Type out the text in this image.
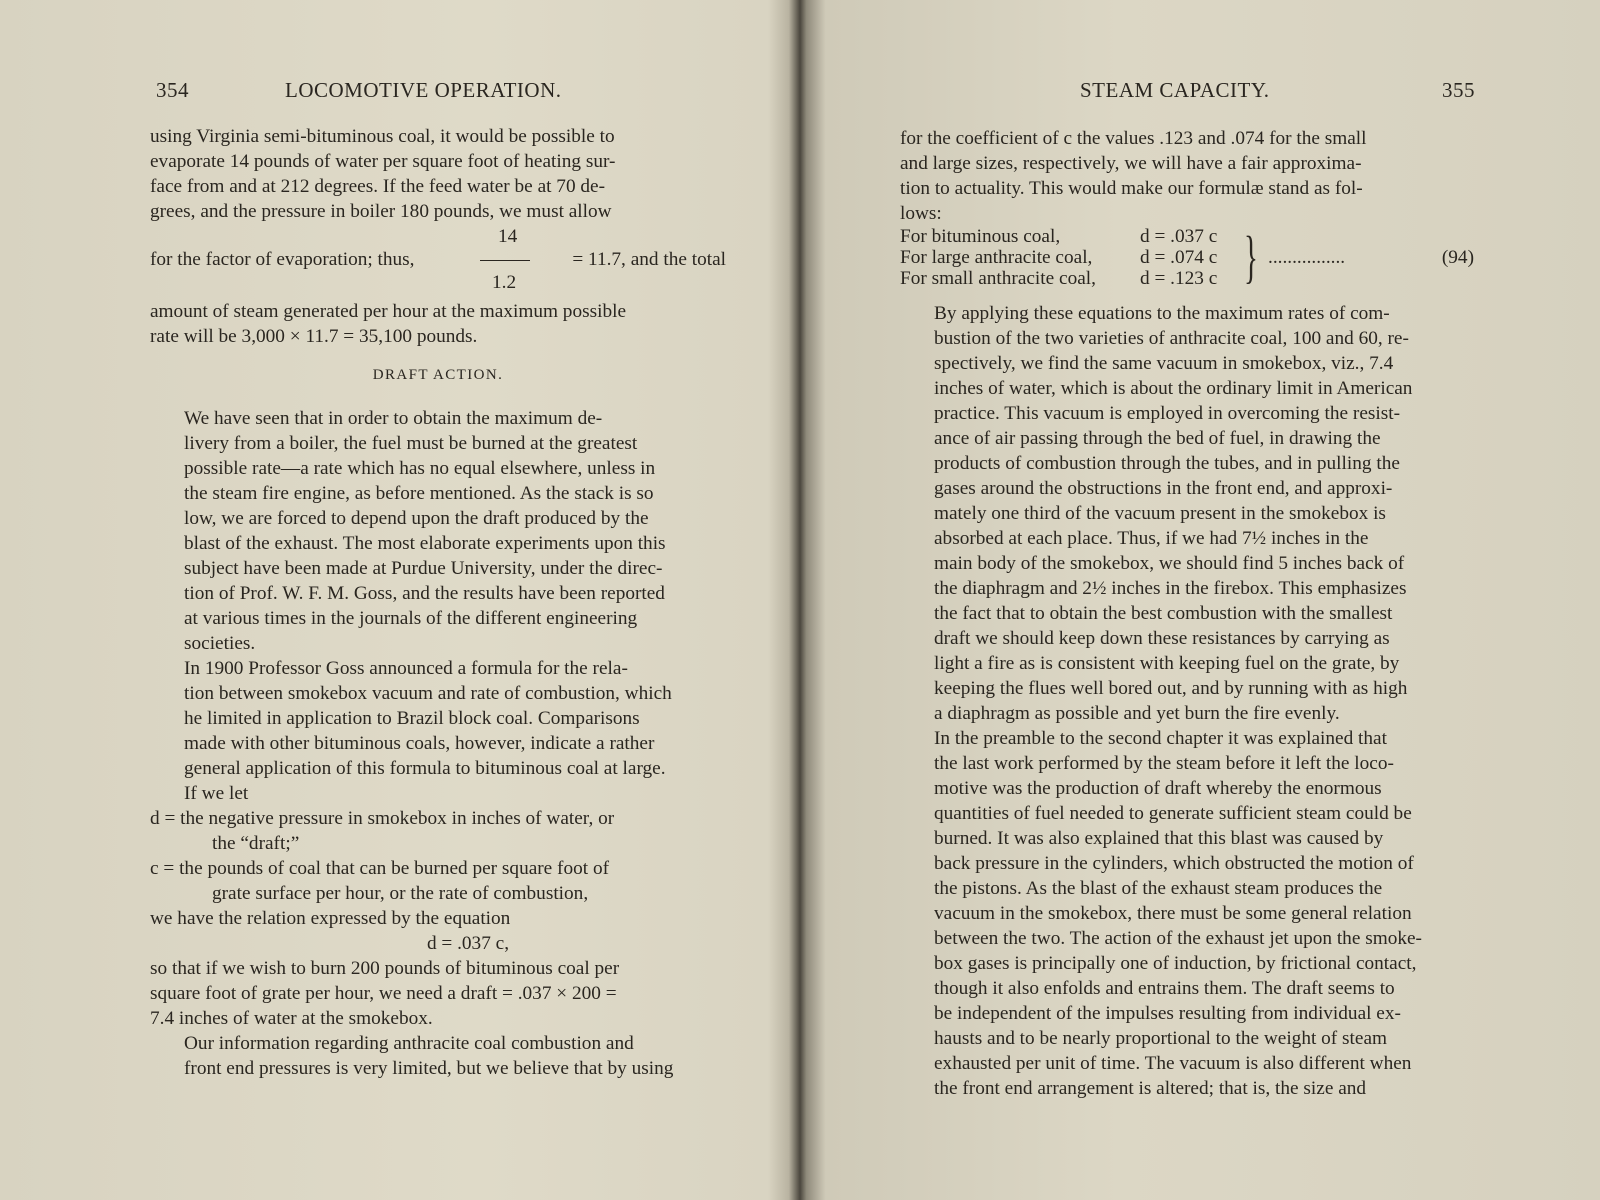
354	LOCOMOTIVE OPERATION.

using Virginia semi-bituminous coal, it would be possible to
evaporate 14 pounds of water per square foot of heating sur-
face from and at 212 degrees. If the feed water be at 70 de-
grees, and the pressure in boiler 180 pounds, we must allow

for the factor of evaporation; thus,
14
1.2
= 11.7, and the total

amount of steam generated per hour at the maximum possible
rate will be 3,000 × 11.7 = 35,100 pounds.

DRAFT ACTION.

We have seen that in order to obtain the maximum de-
livery from a boiler, the fuel must be burned at the greatest
possible rate—a rate which has no equal elsewhere, unless in
the steam fire engine, as before mentioned. As the stack is so
low, we are forced to depend upon the draft produced by the
blast of the exhaust. The most elaborate experiments upon this
subject have been made at Purdue University, under the direc-
tion of Prof. W. F. M. Goss, and the results have been reported
at various times in the journals of the different engineering
societies.

In 1900 Professor Goss announced a formula for the rela-
tion between smokebox vacuum and rate of combustion, which
he limited in application to Brazil block coal. Comparisons
made with other bituminous coals, however, indicate a rather
general application of this formula to bituminous coal at large.
If we let

d = the negative pressure in smokebox in inches of water, or
the “draft;”
c = the pounds of coal that can be burned per square foot of
grate surface per hour, or the rate of combustion,
we have the relation expressed by the equation
d = .037 c,

so that if we wish to burn 200 pounds of bituminous coal per
square foot of grate per hour, we need a draft = .037 × 200 =
7.4 inches of water at the smokebox.

Our information regarding anthracite coal combustion and
front end pressures is very limited, but we believe that by using

STEAM CAPACITY.	355

for the coefficient of c the values .123 and .074 for the small
and large sizes, respectively, we will have a fair approxima-
tion to actuality. This would make our formulæ stand as fol-
lows:

For bituminous coal,	d = .037 c
For large anthracite coal, d = .074 c
For small anthracite coal, d = .123 c } ................	(94)

By applying these equations to the maximum rates of com-
bustion of the two varieties of anthracite coal, 100 and 60, re-
spectively, we find the same vacuum in smokebox, viz., 7.4
inches of water, which is about the ordinary limit in American
practice. This vacuum is employed in overcoming the resist-
ance of air passing through the bed of fuel, in drawing the
products of combustion through the tubes, and in pulling the
gases around the obstructions in the front end, and approxi-
mately one third of the vacuum present in the smokebox is
absorbed at each place. Thus, if we had 7½ inches in the
main body of the smokebox, we should find 5 inches back of
the diaphragm and 2½ inches in the firebox. This emphasizes
the fact that to obtain the best combustion with the smallest
draft we should keep down these resistances by carrying as
light a fire as is consistent with keeping fuel on the grate, by
keeping the flues well bored out, and by running with as high
a diaphragm as possible and yet burn the fire evenly.

In the preamble to the second chapter it was explained that
the last work performed by the steam before it left the loco-
motive was the production of draft whereby the enormous
quantities of fuel needed to generate sufficient steam could be
burned. It was also explained that this blast was caused by
back pressure in the cylinders, which obstructed the motion of
the pistons. As the blast of the exhaust steam produces the
vacuum in the smokebox, there must be some general relation
between the two. The action of the exhaust jet upon the smoke-
box gases is principally one of induction, by frictional contact,
though it also enfolds and entrains them. The draft seems to
be independent of the impulses resulting from individual ex-
hausts and to be nearly proportional to the weight of steam
exhausted per unit of time. The vacuum is also different when
the front end arrangement is altered; that is, the size and
